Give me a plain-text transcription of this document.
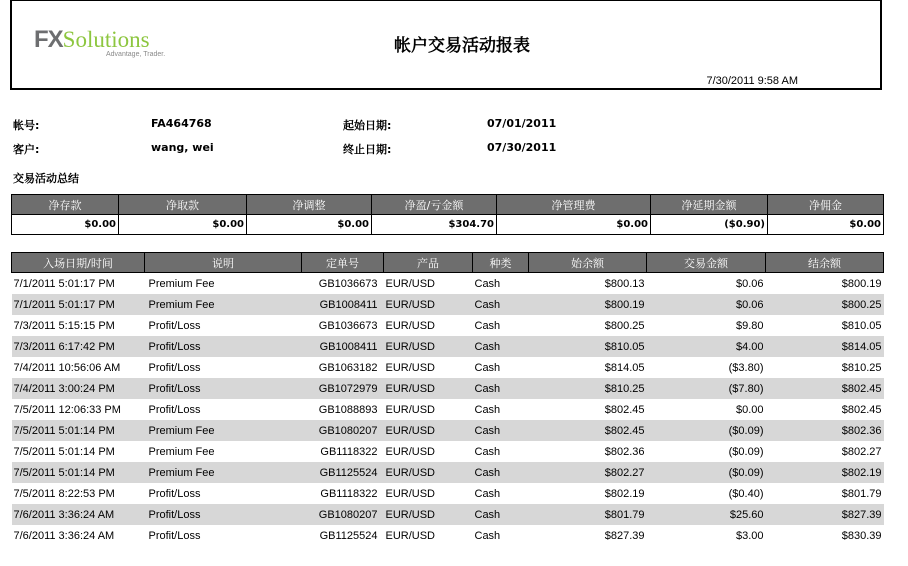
FXSolutions
Advantage, Trader.	帐户交易活动报表
7/30/2011 9:58 AM
帐号:	FA464768	起始日期:	07/01/2011
客户:	wang, wei	终止日期:	07/30/2011
交易活动总结
净存款	净取款	净调整	净盈/亏金额	净管理费	净延期金额	净佣金
$0.00	$0.00	$0.00	$304.70	$0.00	($0.90)	$0.00
入场日期/时间	说明	定单号	产品	种类	始余额	交易金额	结余额
7/1/2011 5:01:17 PM	Premium Fee	GB1036673	EUR/USD	Cash	$800.13	$0.06	$800.19
7/1/2011 5:01:17 PM	Premium Fee	GB1008411	EUR/USD	Cash	$800.19	$0.06	$800.25
7/3/2011 5:15:15 PM	Profit/Loss	GB1036673	EUR/USD	Cash	$800.25	$9.80	$810.05
7/3/2011 6:17:42 PM	Profit/Loss	GB1008411	EUR/USD	Cash	$810.05	$4.00	$814.05
7/4/2011 10:56:06 AM	Profit/Loss	GB1063182	EUR/USD	Cash	$814.05	($3.80)	$810.25
7/4/2011 3:00:24 PM	Profit/Loss	GB1072979	EUR/USD	Cash	$810.25	($7.80)	$802.45
7/5/2011 12:06:33 PM	Profit/Loss	GB1088893	EUR/USD	Cash	$802.45	$0.00	$802.45
7/5/2011 5:01:14 PM	Premium Fee	GB1080207	EUR/USD	Cash	$802.45	($0.09)	$802.36
7/5/2011 5:01:14 PM	Premium Fee	GB1118322	EUR/USD	Cash	$802.36	($0.09)	$802.27
7/5/2011 5:01:14 PM	Premium Fee	GB1125524	EUR/USD	Cash	$802.27	($0.09)	$802.19
7/5/2011 8:22:53 PM	Profit/Loss	GB1118322	EUR/USD	Cash	$802.19	($0.40)	$801.79
7/6/2011 3:36:24 AM	Profit/Loss	GB1080207	EUR/USD	Cash	$801.79	$25.60	$827.39
7/6/2011 3:36:24 AM	Profit/Loss	GB1125524	EUR/USD	Cash	$827.39	$3.00	$830.39
